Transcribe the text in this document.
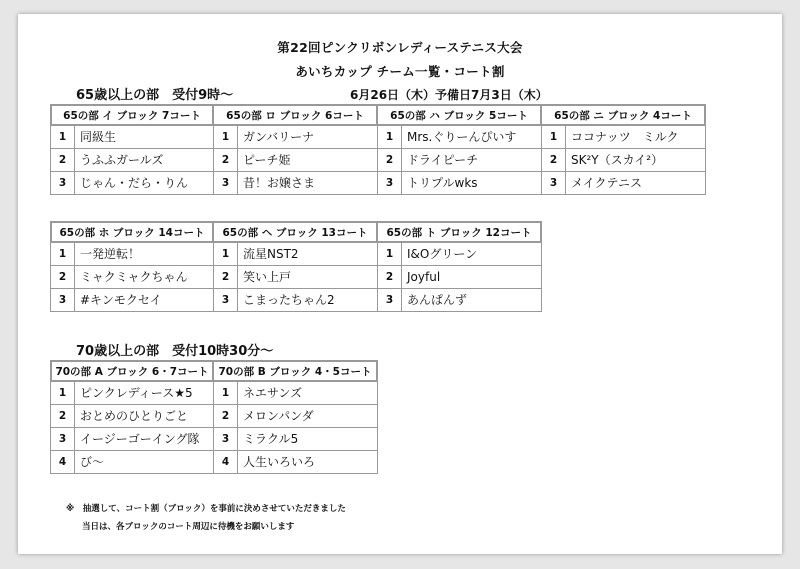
第22回ピンクリボンレディーステニス大会
あいちカップ チーム一覧・コート割
65歳以上の部　受付9時～	6月26日（木）予備日7月3日（木）
65の部 イ ブロック 7コート
1	同級生
2	うふふガールズ
3	じゃん・だら・りん
65の部 ロ ブロック 6コート
1	ガンバリーナ
2	ピーチ姫
3	昔！お嬢さま
65の部 ハ ブロック 5コート
1	Mrs.ぐりーんぴいす
2	ドライピーチ
3	トリプルwks
65の部 ニ ブロック 4コート
1	ココナッツ　ミルク
2	SK²Y（スカイ²）
3	メイクテニス
65の部 ホ ブロック 14コート
1	一発逆転！
2	ミャクミャクちゃん
3	#キンモクセイ
65の部 ヘ ブロック 13コート
1	流星NST2
2	笑い上戸
3	こまったちゃん2
65の部 ト ブロック 12コート
1	I&Oグリーン
2	Joyful
3	あんぱんず
70歳以上の部　受付10時30分～
70の部 A ブロック 6・7コート
1	ピンクレディース★5
2	おとめのひとりごと
3	イージーゴーイング隊
4	び～
70の部 B ブロック 4・5コート
1	ネエサンズ
2	メロンパンダ
3	ミラクル5
4	人生いろいろ
※　抽選して、コート割（ブロック）を事前に決めさせていただきました
当日は、各ブロックのコート周辺に待機をお願いします
